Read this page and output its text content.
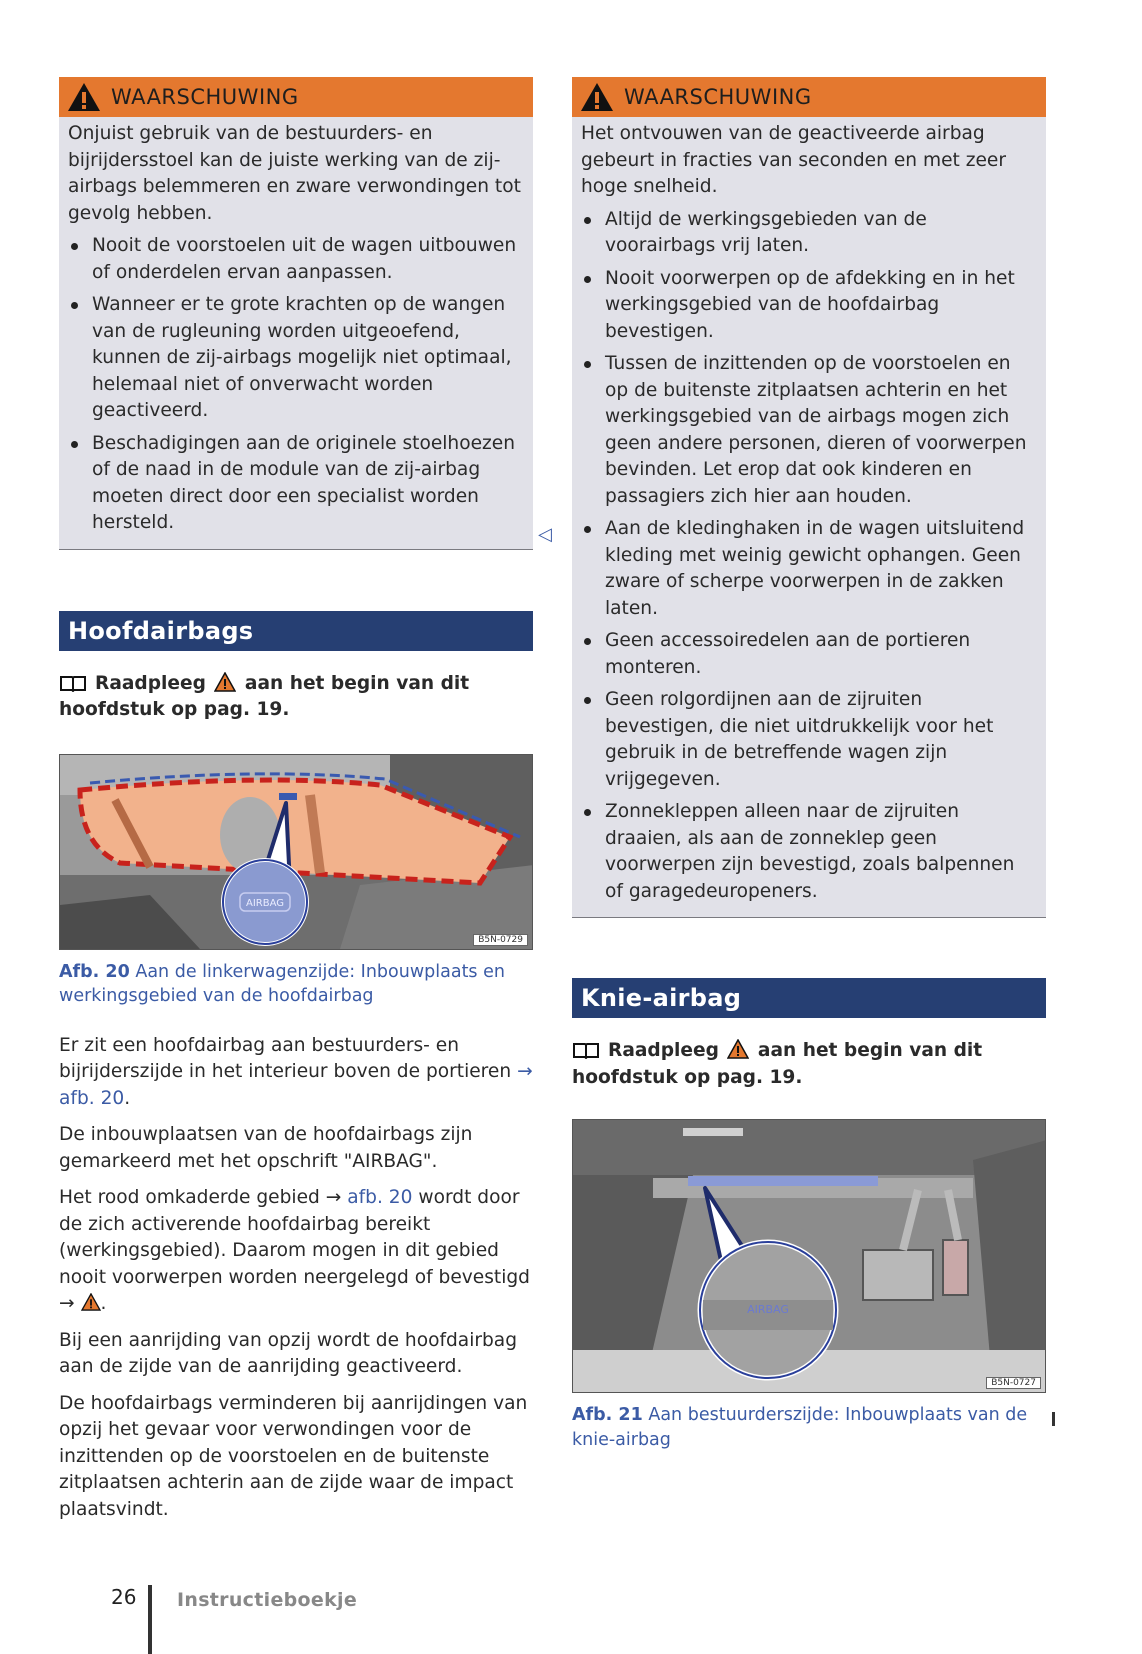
WAARSCHUWING

Onjuist gebruik van de bestuurders- en bijrijdersstoel kan de juiste werking van de zij-airbags belemmeren en zware verwondingen tot gevolg hebben.

Nooit de voorstoelen uit de wagen uitbouwen of onderdelen ervan aanpassen.
Wanneer er te grote krachten op de wangen van de rugleuning worden uitgeoefend, kunnen de zij-airbags mogelijk niet optimaal, helemaal niet of onverwacht worden geactiveerd.
Beschadigingen aan de originele stoelhoezen of de naad in de module van de zij-airbag moeten direct door een specialist worden hersteld.
Hoofdairbags
Raadpleeg aan het begin van dit hoofdstuk op pag. 19.
AIRBAG
B5N-0729
Afb. 20 Aan de linkerwagenzijde: Inbouwplaats en werkingsgebied van de hoofdairbag

Er zit een hoofdairbag aan bestuurders- en bijrijderszijde in het interieur boven de portieren → afb. 20.

De inbouwplaatsen van de hoofdairbags zijn gemarkeerd met het opschrift "AIRBAG".

Het rood omkaderde gebied → afb. 20 wordt door de zich activerende hoofdairbag bereikt (werkingsgebied). Daarom mogen in dit gebied nooit voorwerpen worden neergelegd of bevestigd → .

Bij een aanrijding van opzij wordt de hoofdairbag aan de zijde van de aanrijding geactiveerd.

De hoofdairbags verminderen bij aanrijdingen van opzij het gevaar voor verwondingen voor de inzittenden op de voorstoelen en de buitenste zitplaatsen achterin aan de zijde waar de impact plaatsvindt.

◁
WAARSCHUWING

Het ontvouwen van de geactiveerde airbag gebeurt in fracties van seconden en met zeer hoge snelheid.

Altijd de werkingsgebieden van de voorairbags vrij laten.
Nooit voorwerpen op de afdekking en in het werkingsgebied van de hoofdairbag bevestigen.
Tussen de inzittenden op de voorstoelen en op de buitenste zitplaatsen achterin en het werkingsgebied van de airbags mogen zich geen andere personen, dieren of voorwerpen bevinden. Let erop dat ook kinderen en passagiers zich hier aan houden.
Aan de kledinghaken in de wagen uitsluitend kleding met weinig gewicht ophangen. Geen zware of scherpe voorwerpen in de zakken laten.
Geen accessoiredelen aan de portieren monteren.
Geen rolgordijnen aan de zijruiten bevestigen, die niet uitdrukkelijk voor het gebruik in de betreffende wagen zijn vrijgegeven.
Zonnekleppen alleen naar de zijruiten draaien, als aan de zonneklep geen voorwerpen zijn bevestigd, zoals balpennen of garagedeuropeners.
Knie-airbag
Raadpleeg aan het begin van dit hoofdstuk op pag. 19.
AIRBAG
B5N-0727
Afb. 21 Aan bestuurderszijde: Inbouwplaats van de knie-airbag
26 Instructieboekje
